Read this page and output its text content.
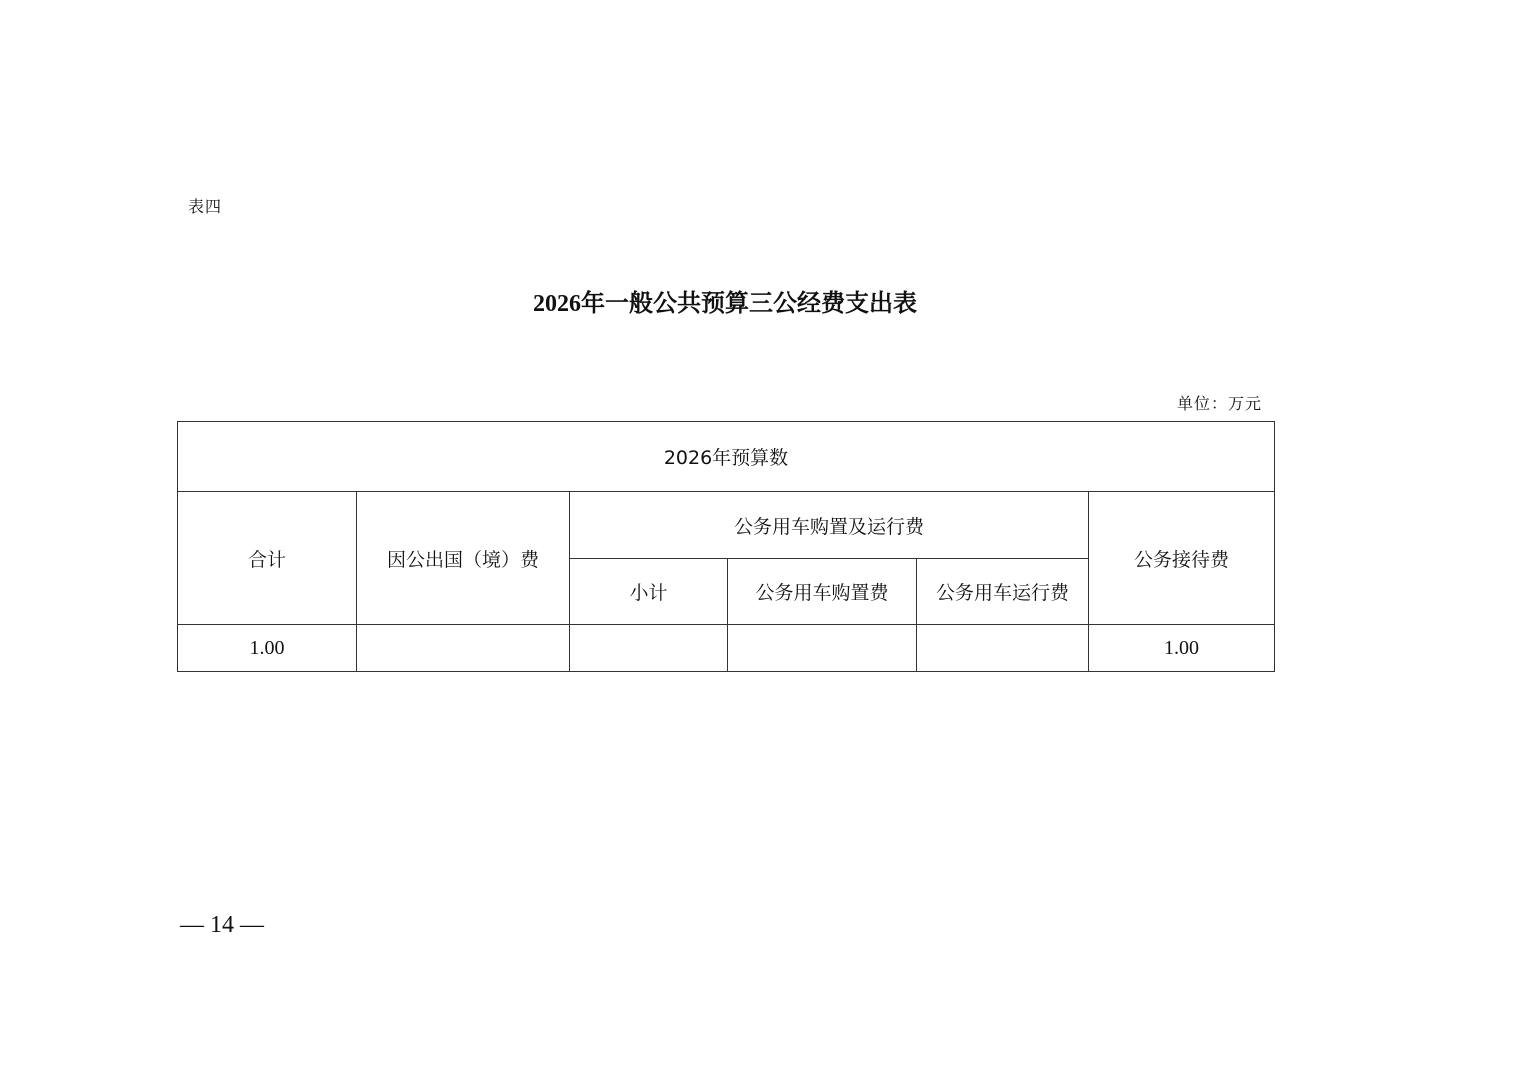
表四
2026年一般公共预算三公经费支出表
单位：万元
2026年预算数					
合计	因公出国（境）费	公务用车购置及运行费			公务接待费
		小计	公务用车购置费	公务用车运行费	
1.00					1.00
— 14 —
